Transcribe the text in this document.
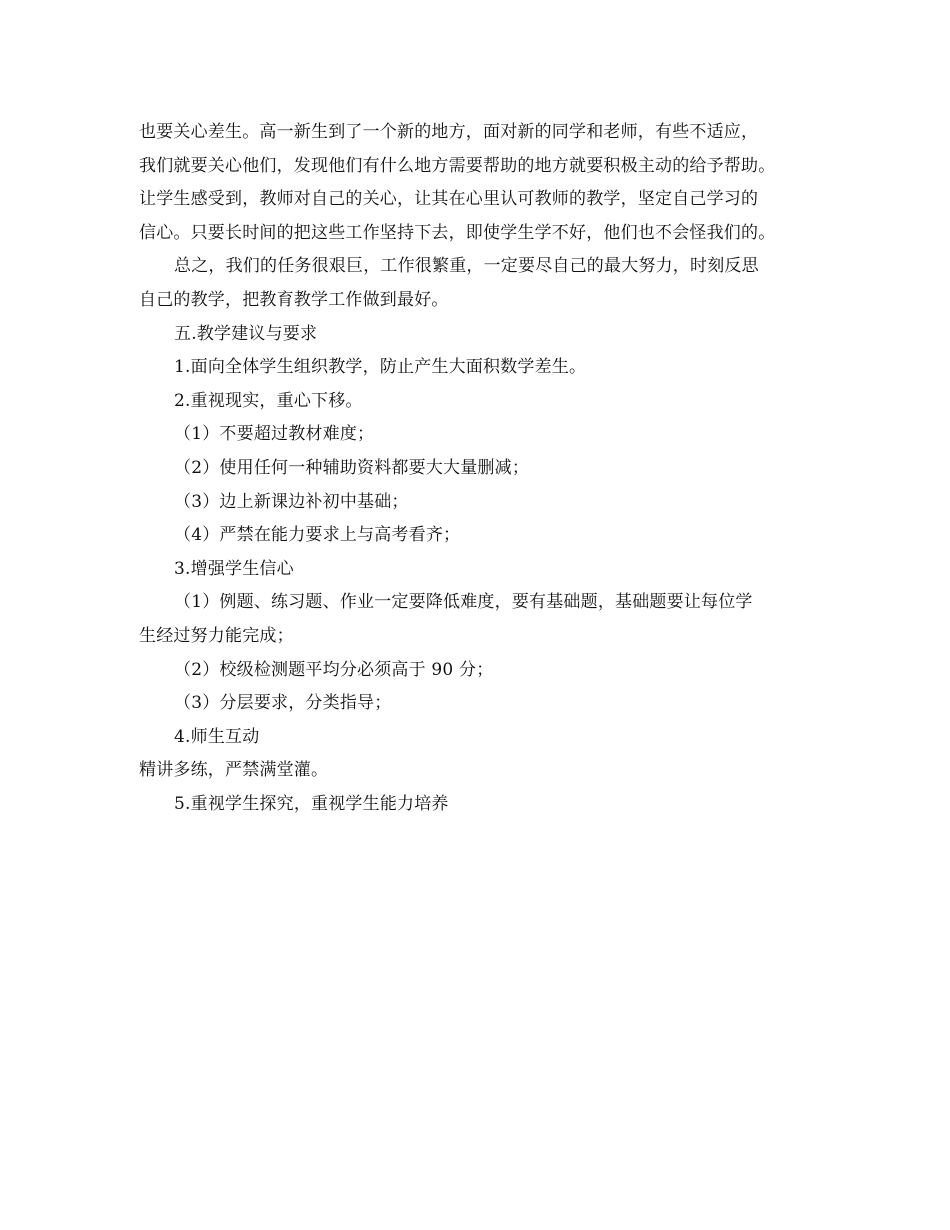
也要关心差生。高一新生到了一个新的地方，面对新的同学和老师，有些不适应，
我们就要关心他们，发现他们有什么地方需要帮助的地方就要积极主动的给予帮助。
让学生感受到，教师对自己的关心，让其在心里认可教师的教学，坚定自己学习的
信心。只要长时间的把这些工作坚持下去，即使学生学不好，他们也不会怪我们的。
总之，我们的任务很艰巨，工作很繁重，一定要尽自己的最大努力，时刻反思
自己的教学，把教育教学工作做到最好。
五.教学建议与要求
1.面向全体学生组织教学，防止产生大面积数学差生。
2.重视现实，重心下移。
（1）不要超过教材难度；
（2）使用任何一种辅助资料都要大大量删减；
（3）边上新课边补初中基础；
（4）严禁在能力要求上与高考看齐；
3.增强学生信心
（1）例题、练习题、作业一定要降低难度，要有基础题，基础题要让每位学
生经过努力能完成；
（2）校级检测题平均分必须高于 90 分；
（3）分层要求，分类指导；
4.师生互动
精讲多练，严禁满堂灌。
5.重视学生探究，重视学生能力培养
